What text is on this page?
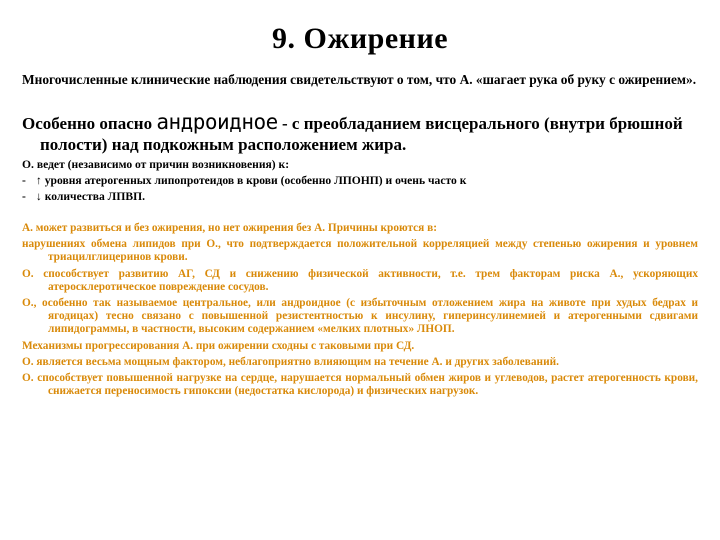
9. Ожирение
Многочисленные клинические наблюдения свидетельствуют о том, что А. «шагает рука об руку с ожирением».
Особенно опасно андроидное - с преобладанием висцерального (внутри брюшной полости) над подкожным расположением жира.
О. ведет (независимо от причин возникновения) к:
- ↑ уровня атерогенных липопротеидов в крови (особенно ЛПОНП) и очень часто к
- ↓ количества ЛПВП.
А. может развиться и без ожирения, но нет ожирения без А. Причины кроются в:
нарушениях обмена липидов при О., что подтверждается положительной корреляцией между степенью ожирения и уровнем триацилглицеринов крови.
О. способствует развитию АГ, СД и снижению физической активности, т.е. трем факторам риска А., ускоряющих атеросклеротическое повреждение сосудов.
О., особенно так называемое центральное, или андроидное (с избыточным отложением жира на животе при худых бедрах и ягодицах) тесно связано с повышенной резистентностью к инсулину, гиперинсулинемией и атерогенными сдвигами липидограммы, в частности, высоким содержанием «мелких плотных» ЛНОП.
Механизмы прогрессирования А. при ожирении сходны с таковыми при СД.
О. является весьма мощным фактором, неблагоприятно влияющим на течение А. и других заболеваний.
О. способствует повышенной нагрузке на сердце, нарушается нормальный обмен жиров и углеводов, растет атерогенность крови, снижается переносимость гипоксии (недостатка кислорода) и физических нагрузок.
